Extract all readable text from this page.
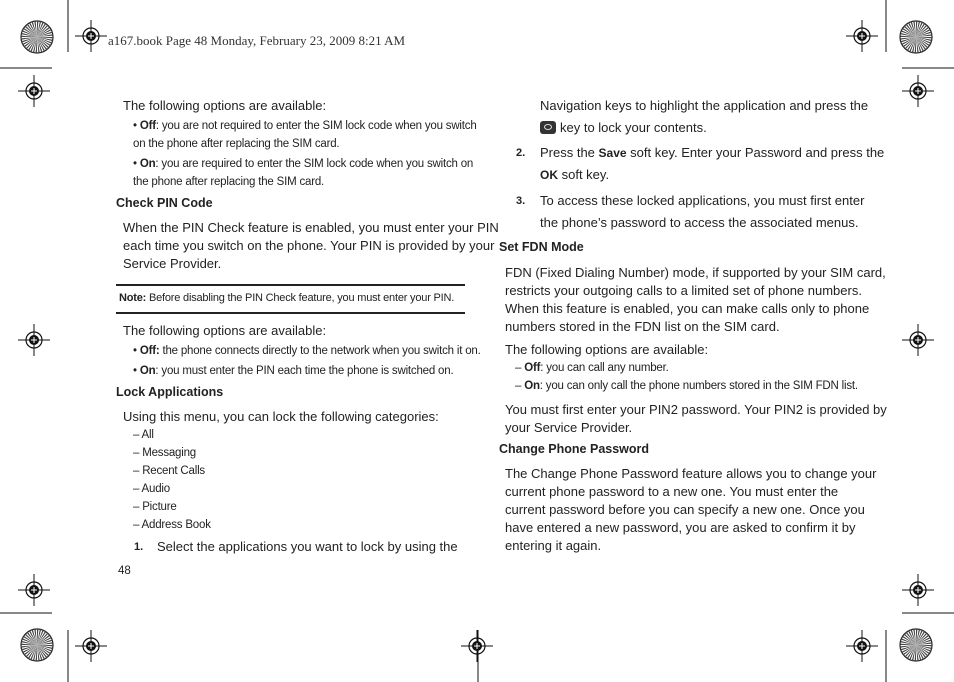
a167.book Page 48 Monday, February 23, 2009 8:21 AM
The following options are available:
• Off: you are not required to enter the SIM lock code when you switch
on the phone after replacing the SIM card.
• On: you are required to enter the SIM lock code when you switch on
the phone after replacing the SIM card.
Check PIN Code
When the PIN Check feature is enabled, you must enter your PIN
each time you switch on the phone. Your PIN is provided by your
Service Provider.
Note: Before disabling the PIN Check feature, you must enter your PIN.
The following options are available:
• Off: the phone connects directly to the network when you switch it on.
• On: you must enter the PIN each time the phone is switched on.
Lock Applications
Using this menu, you can lock the following categories:
– All
– Messaging
– Recent Calls
– Audio
– Picture
– Address Book
1. Select the applications you want to lock by using the
48
Navigation keys to highlight the application and press the
key to lock your contents.
2. Press the Save soft key. Enter your Password and press the
OK soft key.
3. To access these locked applications, you must first enter
the phone’s password to access the associated menus.
Set FDN Mode
FDN (Fixed Dialing Number) mode, if supported by your SIM card,
restricts your outgoing calls to a limited set of phone numbers.
When this feature is enabled, you can make calls only to phone
numbers stored in the FDN list on the SIM card.
The following options are available:
– Off: you can call any number.
– On: you can only call the phone numbers stored in the SIM FDN list.
You must first enter your PIN2 password. Your PIN2 is provided by
your Service Provider.
Change Phone Password
The Change Phone Password feature allows you to change your
current phone password to a new one. You must enter the
current password before you can specify a new one. Once you
have entered a new password, you are asked to confirm it by
entering it again.
